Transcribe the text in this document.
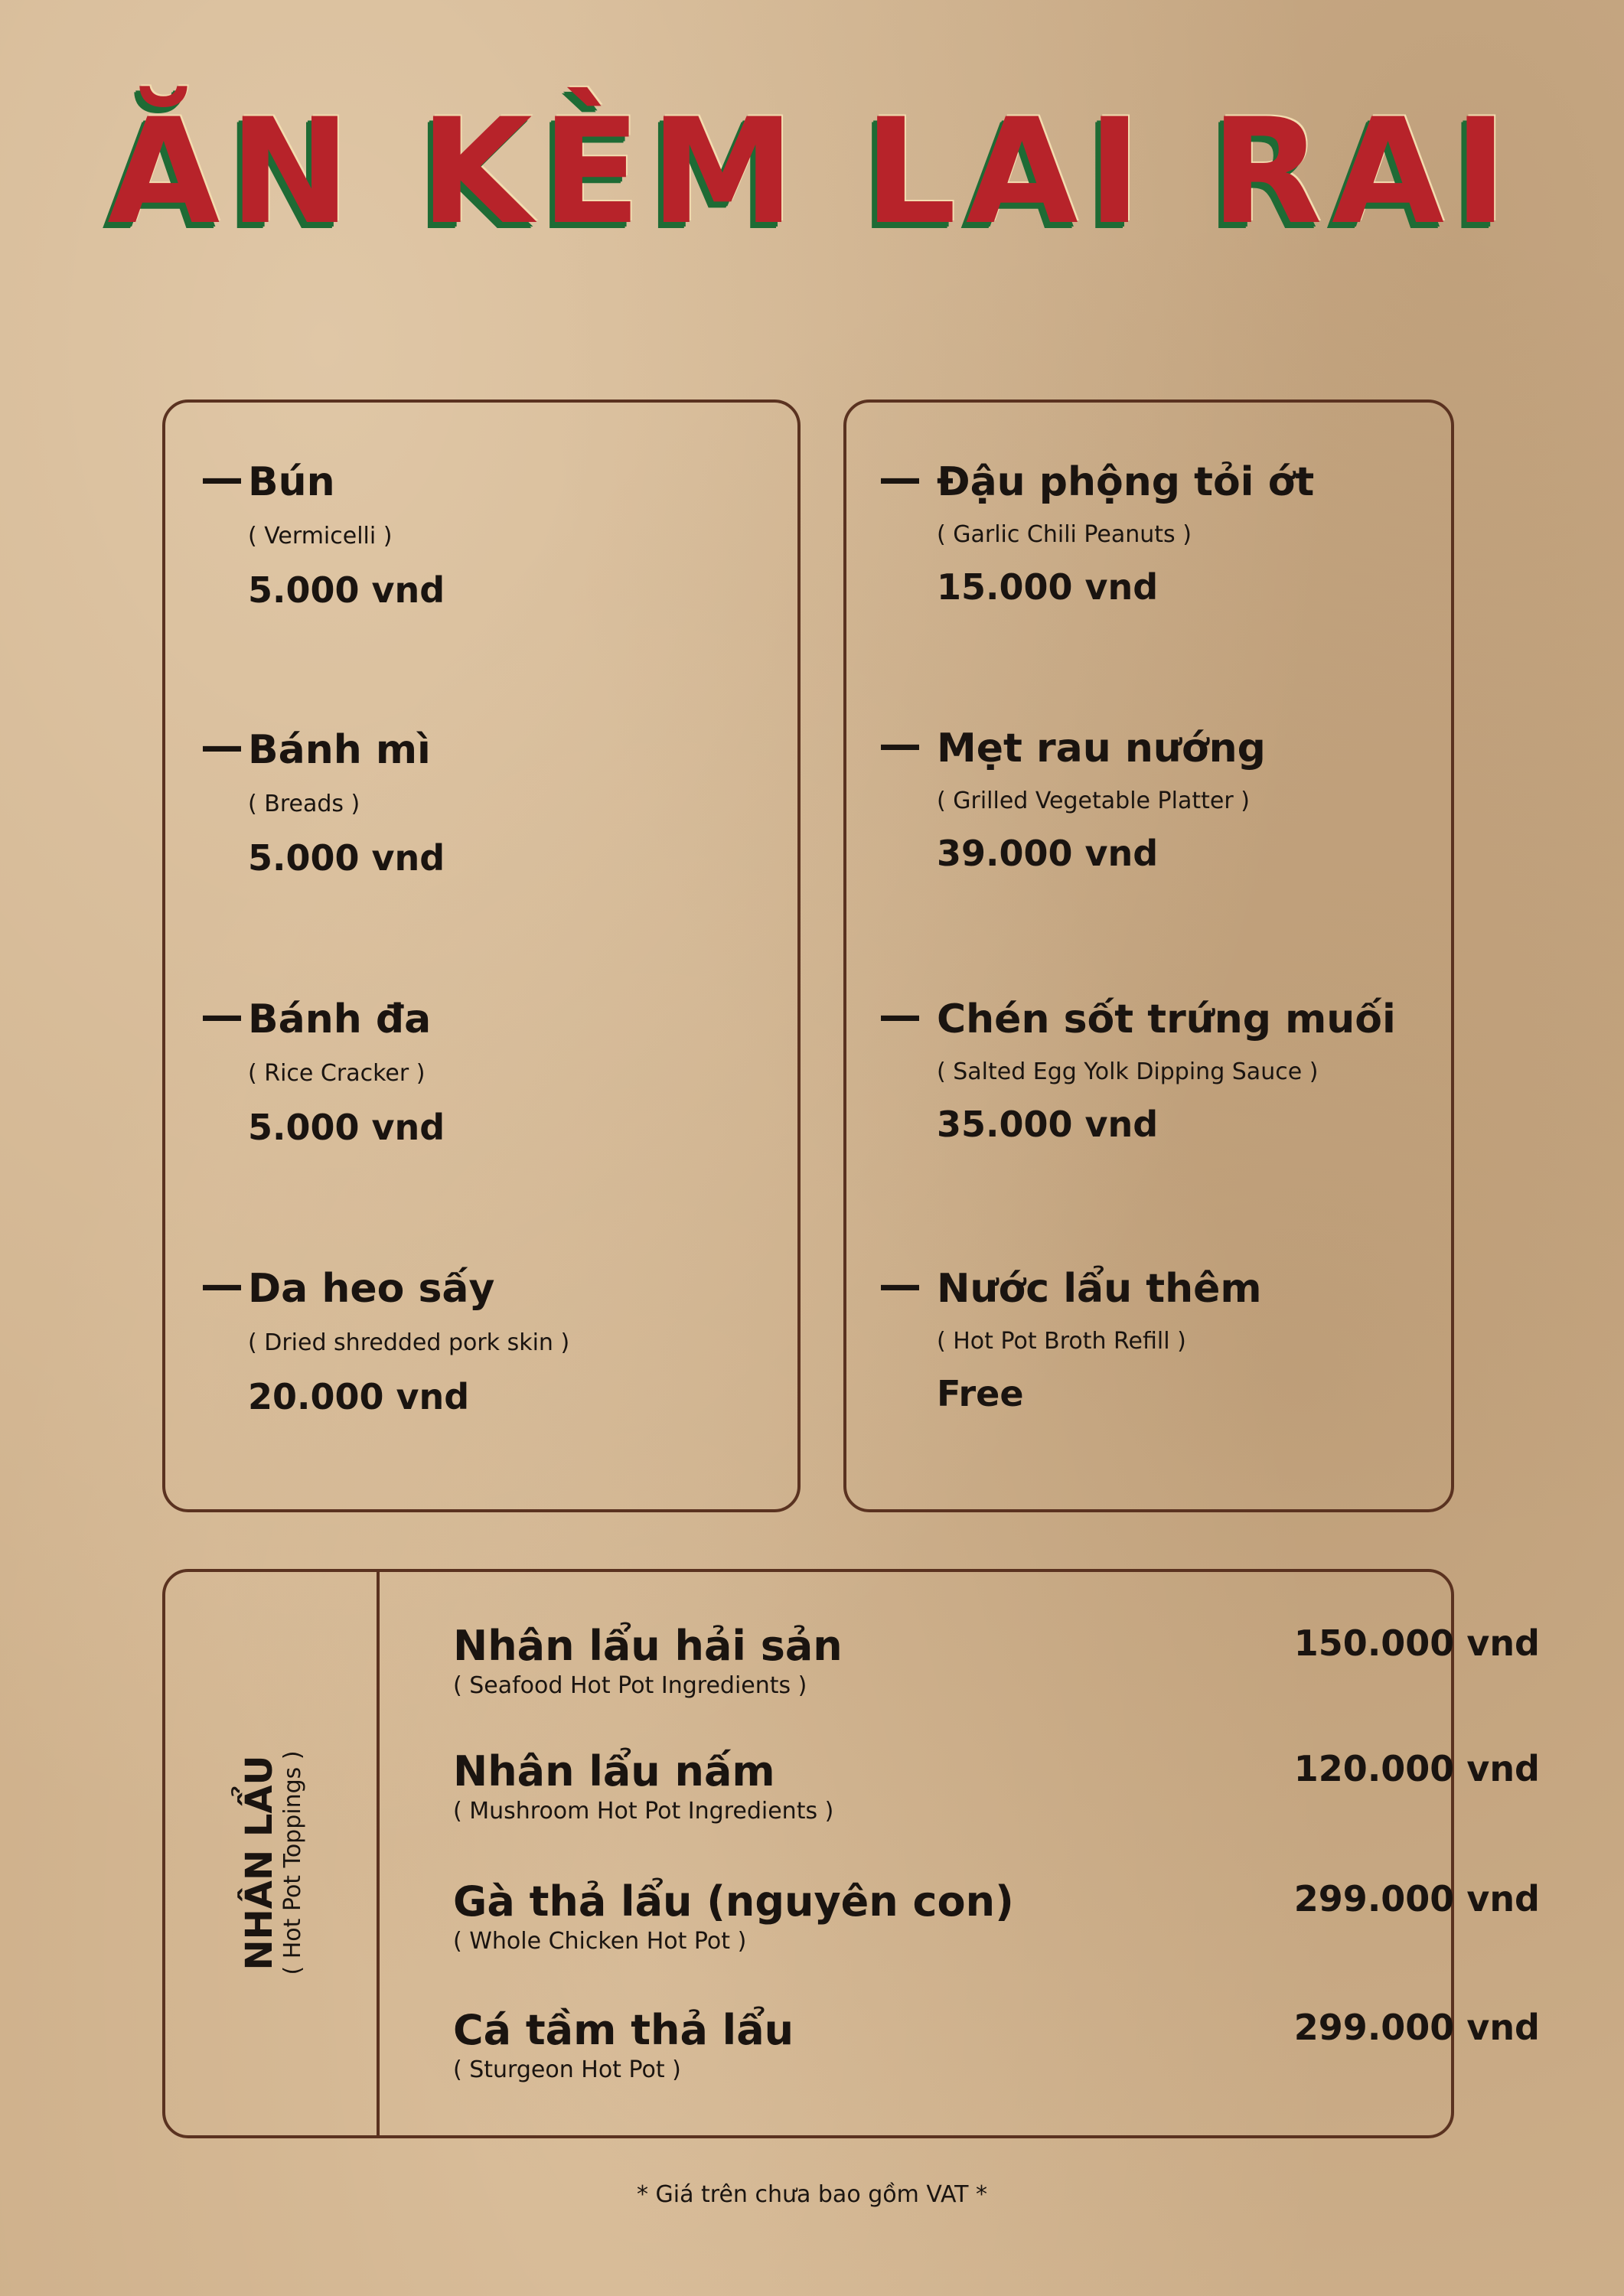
ĂN KÈM LAI RAI
— Bún
( Vermicelli )
5.000 vnd
— Bánh mì
( Breads )
5.000 vnd
— Bánh đa
( Rice Cracker )
5.000 vnd
— Da heo sấy
( Dried shredded pork skin )
20.000 vnd
— Đậu phộng tỏi ớt
( Garlic Chili Peanuts )
15.000 vnd
— Mẹt rau nướng
( Grilled Vegetable Platter )
39.000 vnd
— Chén sốt trứng muối
( Salted Egg Yolk Dipping Sauce )
35.000 vnd
— Nước lẩu thêm
( Hot Pot Broth Refill )
Free
NHÂN LẨU
( Hot Pot Toppings )
Nhân lẩu hải sản
( Seafood Hot Pot Ingredients )
150.000 vnd
Nhân lẩu nấm
( Mushroom Hot Pot Ingredients )
120.000 vnd
Gà thả lẩu (nguyên con)
( Whole Chicken Hot Pot )
299.000 vnd
Cá tầm thả lẩu
( Sturgeon Hot Pot )
299.000 vnd
* Giá trên chưa bao gồm VAT *
